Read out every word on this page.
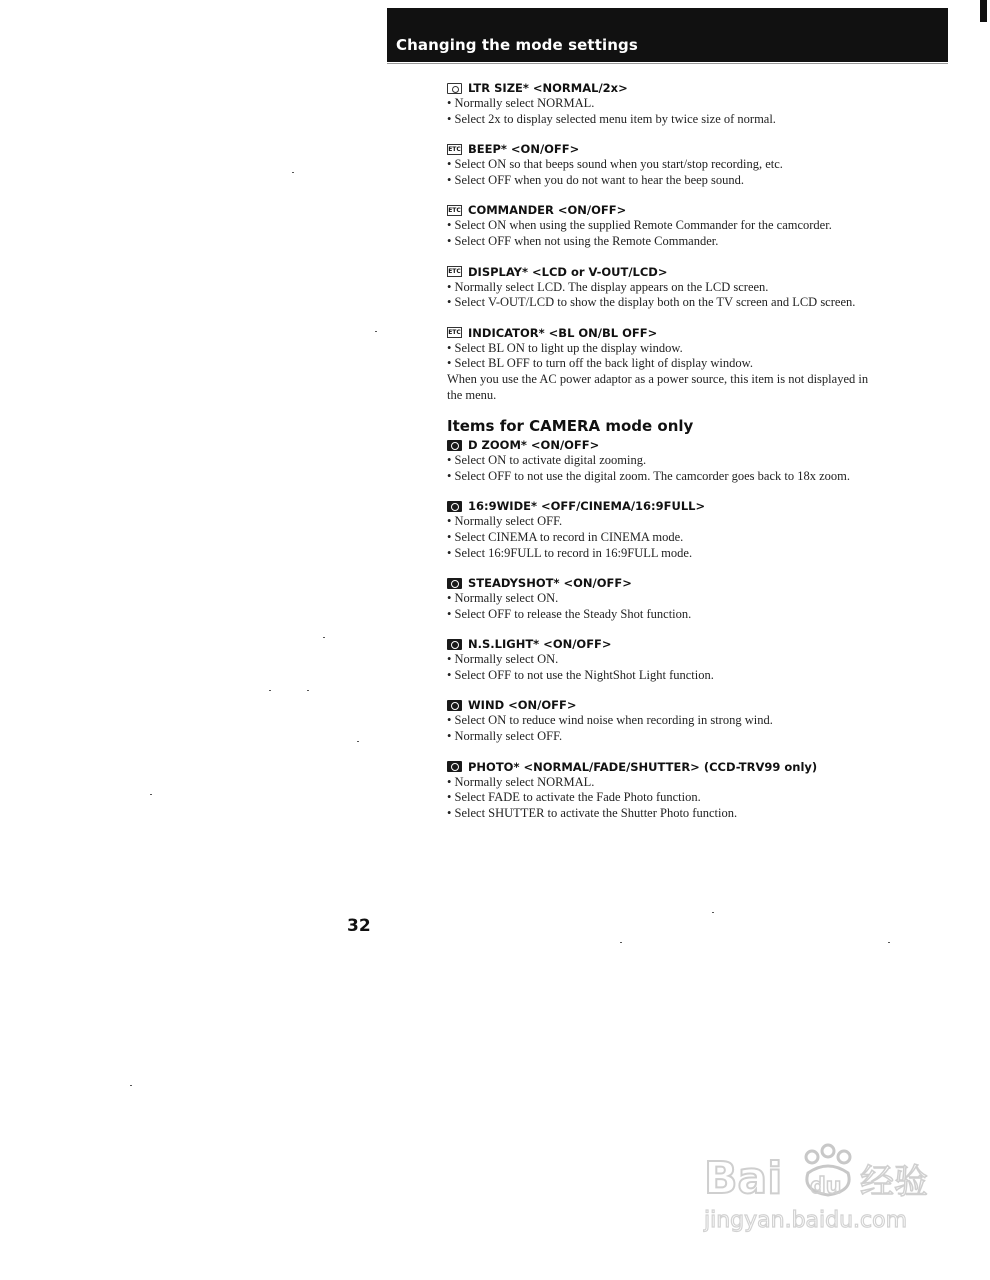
Changing the mode settings
LTR SIZE* <NORMAL/2x>
• Normally select NORMAL.
• Select 2x to display selected menu item by twice size of normal.
ETC BEEP* <ON/OFF>
• Select ON so that beeps sound when you start/stop recording, etc.
• Select OFF when you do not want to hear the beep sound.
ETC COMMANDER <ON/OFF>
• Select ON when using the supplied Remote Commander for the camcorder.
• Select OFF when not using the Remote Commander.
ETC DISPLAY* <LCD or V-OUT/LCD>
• Normally select LCD. The display appears on the LCD screen.
• Select V-OUT/LCD to show the display both on the TV screen and LCD screen.
ETC INDICATOR* <BL ON/BL OFF>
• Select BL ON to light up the display window.
• Select BL OFF to turn off the back light of display window.
When you use the AC power adaptor as a power source, this item is not displayed in
the menu.
Items for CAMERA mode only
D ZOOM* <ON/OFF>
• Select ON to activate digital zooming.
• Select OFF to not use the digital zoom. The camcorder goes back to 18x zoom.
16:9WIDE* <OFF/CINEMA/16:9FULL>
• Normally select OFF.
• Select CINEMA to record in CINEMA mode.
• Select 16:9FULL to record in 16:9FULL mode.
STEADYSHOT* <ON/OFF>
• Normally select ON.
• Select OFF to release the Steady Shot function.
N.S.LIGHT* <ON/OFF>
• Normally select ON.
• Select OFF to not use the NightShot Light function.
WIND <ON/OFF>
• Select ON to reduce wind noise when recording in strong wind.
• Normally select OFF.
PHOTO* <NORMAL/FADE/SHUTTER> (CCD-TRV99 only)
• Normally select NORMAL.
• Select FADE to activate the Fade Photo function.
• Select SHUTTER to activate the Shutter Photo function.
32
Bai du 经验
jingyan.baidu.com
